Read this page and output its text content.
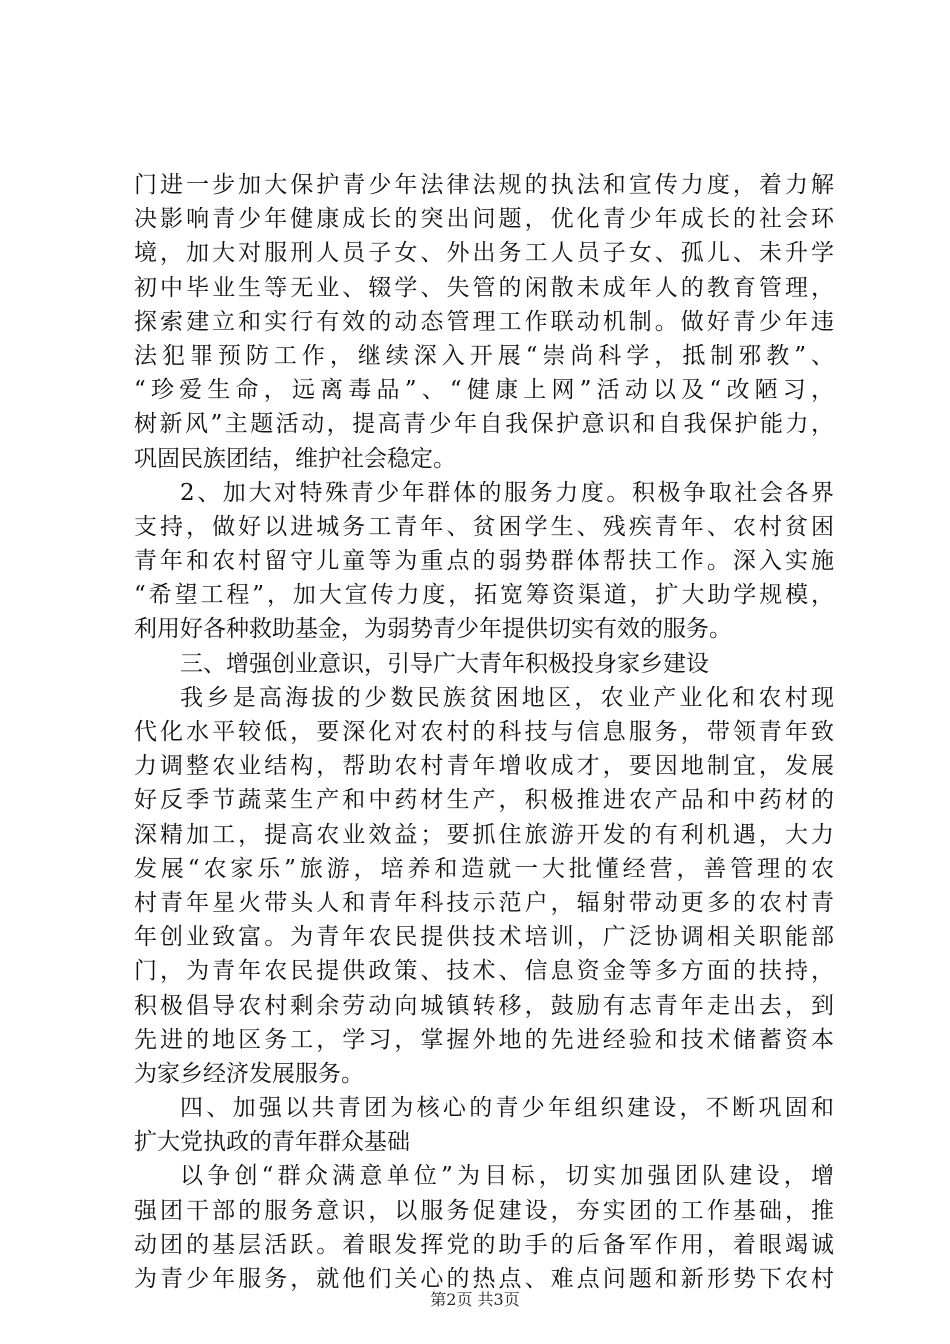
门进一步加大保护青少年法律法规的执法和宣传力度，着力解
决影响青少年健康成长的突出问题，优化青少年成长的社会环
境，加大对服刑人员子女、外出务工人员子女、孤儿、未升学
初中毕业生等无业、辍学、失管的闲散未成年人的教育管理，
探索建立和实行有效的动态管理工作联动机制。做好青少年违
法犯罪预防工作，继续深入开展“崇尚科学，抵制邪教”、
“珍爱生命，远离毒品”、“健康上网”活动以及“改陋习，
树新风”主题活动，提高青少年自我保护意识和自我保护能力，
巩固民族团结，维护社会稳定。
2、加大对特殊青少年群体的服务力度。积极争取社会各界
支持，做好以进城务工青年、贫困学生、残疾青年、农村贫困
青年和农村留守儿童等为重点的弱势群体帮扶工作。深入实施
“希望工程”，加大宣传力度，拓宽筹资渠道，扩大助学规模，
利用好各种救助基金，为弱势青少年提供切实有效的服务。
三、增强创业意识，引导广大青年积极投身家乡建设
我乡是高海拔的少数民族贫困地区，农业产业化和农村现
代化水平较低，要深化对农村的科技与信息服务，带领青年致
力调整农业结构，帮助农村青年增收成才，要因地制宜，发展
好反季节蔬菜生产和中药材生产，积极推进农产品和中药材的
深精加工，提高农业效益；要抓住旅游开发的有利机遇，大力
发展“农家乐”旅游，培养和造就一大批懂经营，善管理的农
村青年星火带头人和青年科技示范户，辐射带动更多的农村青
年创业致富。为青年农民提供技术培训，广泛协调相关职能部
门，为青年农民提供政策、技术、信息资金等多方面的扶持，
积极倡导农村剩余劳动向城镇转移，鼓励有志青年走出去，到
先进的地区务工，学习，掌握外地的先进经验和技术储蓄资本
为家乡经济发展服务。
四、加强以共青团为核心的青少年组织建设，不断巩固和
扩大党执政的青年群众基础
以争创“群众满意单位”为目标，切实加强团队建设，增
强团干部的服务意识，以服务促建设，夯实团的工作基础，推
动团的基层活跃。着眼发挥党的助手的后备军作用，着眼竭诚
为青少年服务，就他们关心的热点、难点问题和新形势下农村
第2页 共3页
